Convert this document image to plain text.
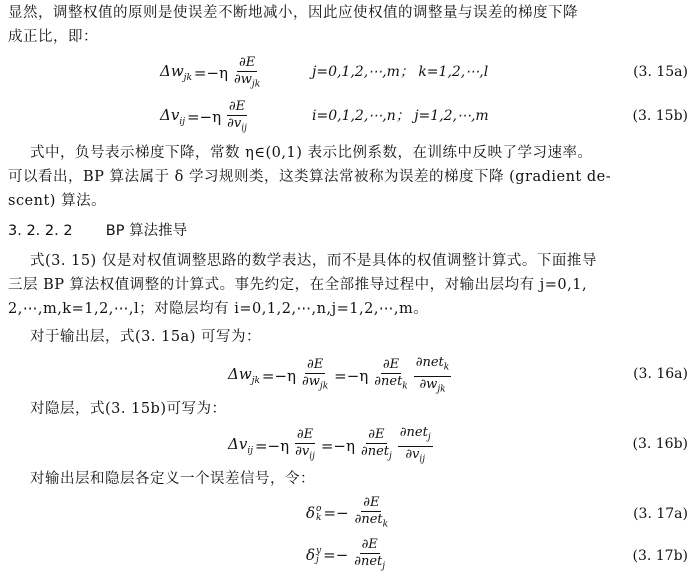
显然，调整权值的原则是使误差不断地减小，因此应使权值的调整量与误差的梯度下降
成正比，即：
$\Delta w_{jk} =-\eta \frac{\partial E}{\partial w_{jk}}$	j=0,1,2,⋯,m； k=1,2,⋯,l	(3. 15a)
$\Delta v_{ij} =-\eta \frac{\partial E}{\partial v_{ij}}$	i=0,1,2,⋯,n； j=1,2,⋯,m	(3. 15b)
式中，负号表示梯度下降，常数 η∈(0,1) 表示比例系数，在训练中反映了学习速率。
可以看出，BP 算法属于 δ 学习规则类，这类算法常被称为误差的梯度下降 (gradient de-
scent) 算法。
3. 2. 2. 2 BP 算法推导
式(3. 15) 仅是对权值调整思路的数学表达，而不是具体的权值调整计算式。下面推导
三层 BP 算法权值调整的计算式。事先约定，在全部推导过程中，对输出层均有 j=0,1,
2,⋯,m,k=1,2,⋯,l；对隐层均有 i=0,1,2,⋯,n,j=1,2,⋯,m。
对于输出层，式(3. 15a) 可写为：
$\Delta w_{jk} =-\eta \frac{\partial E}{\partial w_{jk}} =-\eta \frac{\partial E}{\partial net_k} \frac{\partial net_k}{\partial w_{jk}}$	(3. 16a)
对隐层，式(3. 15b)可写为：
$\Delta v_{ij} =-\eta \frac{\partial E}{\partial v_{ij}} =-\eta \frac{\partial E}{\partial net_j} \frac{\partial net_j}{\partial v_{ij}}$	(3. 16b)
对输出层和隐层各定义一个误差信号，令：
δ o
$k =- \frac{\partial E}{\partial net_k}$	(3. 17a)
δ y
$j =- \frac{\partial E}{\partial net_j}$	(3. 17b)
